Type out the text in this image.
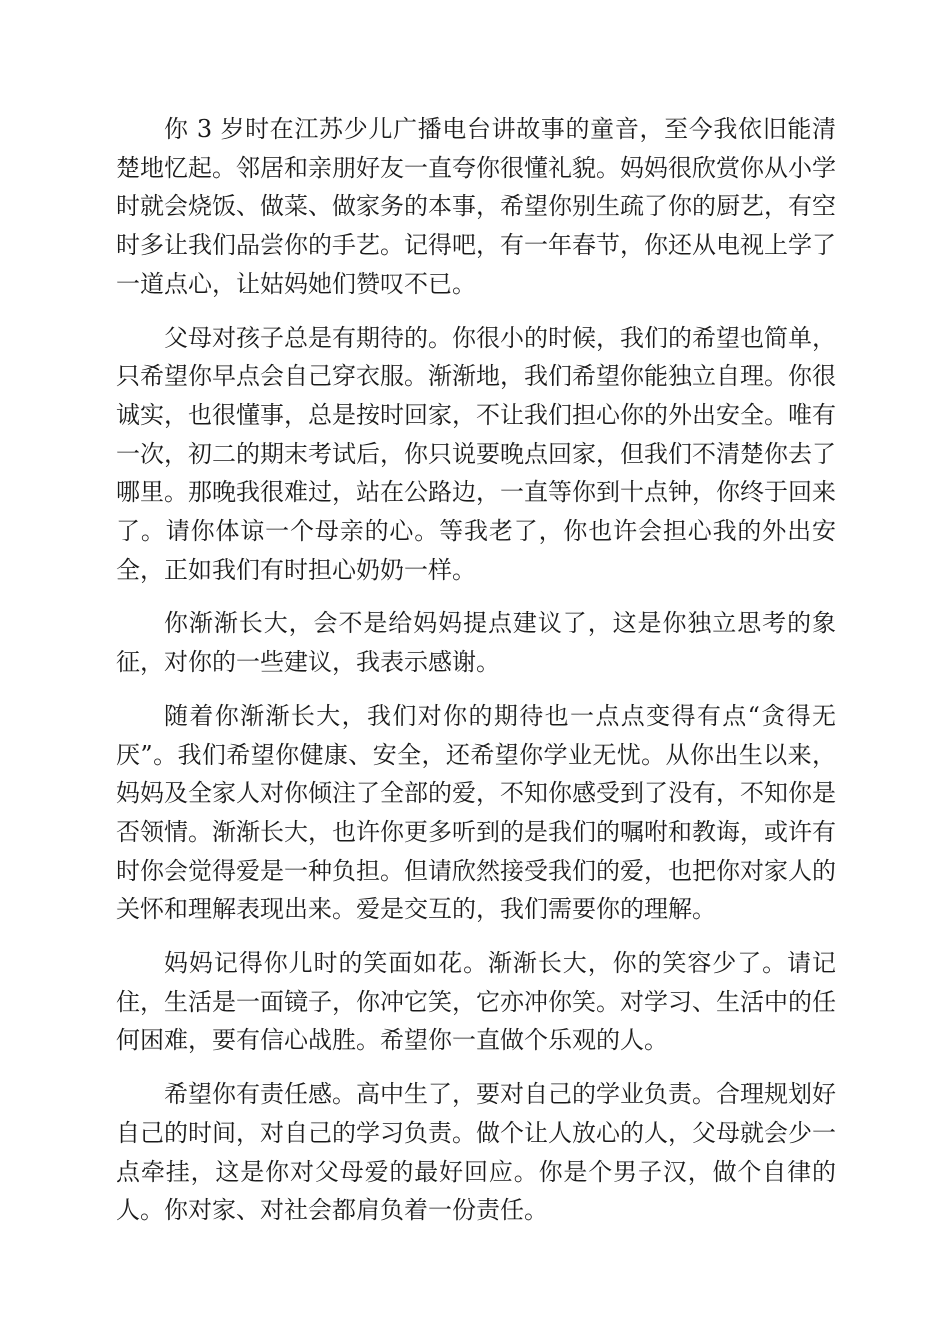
你 3 岁时在江苏少儿广播电台讲故事的童音，至今我依旧能清楚地忆起。邻居和亲朋好友一直夸你很懂礼貌。妈妈很欣赏你从小学时就会烧饭、做菜、做家务的本事，希望你别生疏了你的厨艺，有空时多让我们品尝你的手艺。记得吧，有一年春节，你还从电视上学了一道点心，让姑妈她们赞叹不已。

父母对孩子总是有期待的。你很小的时候，我们的希望也简单，只希望你早点会自己穿衣服。渐渐地，我们希望你能独立自理。你很诚实，也很懂事，总是按时回家，不让我们担心你的外出安全。唯有一次，初二的期末考试后，你只说要晚点回家，但我们不清楚你去了哪里。那晚我很难过，站在公路边，一直等你到十点钟，你终于回来了。请你体谅一个母亲的心。等我老了，你也许会担心我的外出安全，正如我们有时担心奶奶一样。

你渐渐长大，会不是给妈妈提点建议了，这是你独立思考的象征，对你的一些建议，我表示感谢。

随着你渐渐长大，我们对你的期待也一点点变得有点“贪得无厌”。我们希望你健康、安全，还希望你学业无忧。从你出生以来，妈妈及全家人对你倾注了全部的爱，不知你感受到了没有，不知你是否领情。渐渐长大，也许你更多听到的是我们的嘱咐和教诲，或许有时你会觉得爱是一种负担。但请欣然接受我们的爱，也把你对家人的关怀和理解表现出来。爱是交互的，我们需要你的理解。

妈妈记得你儿时的笑面如花。渐渐长大，你的笑容少了。请记住，生活是一面镜子，你冲它笑，它亦冲你笑。对学习、生活中的任何困难，要有信心战胜。希望你一直做个乐观的人。

希望你有责任感。高中生了，要对自己的学业负责。合理规划好自己的时间，对自己的学习负责。做个让人放心的人，父母就会少一点牵挂，这是你对父母爱的最好回应。你是个男子汉，做个自律的人。你对家、对社会都肩负着一份责任。
